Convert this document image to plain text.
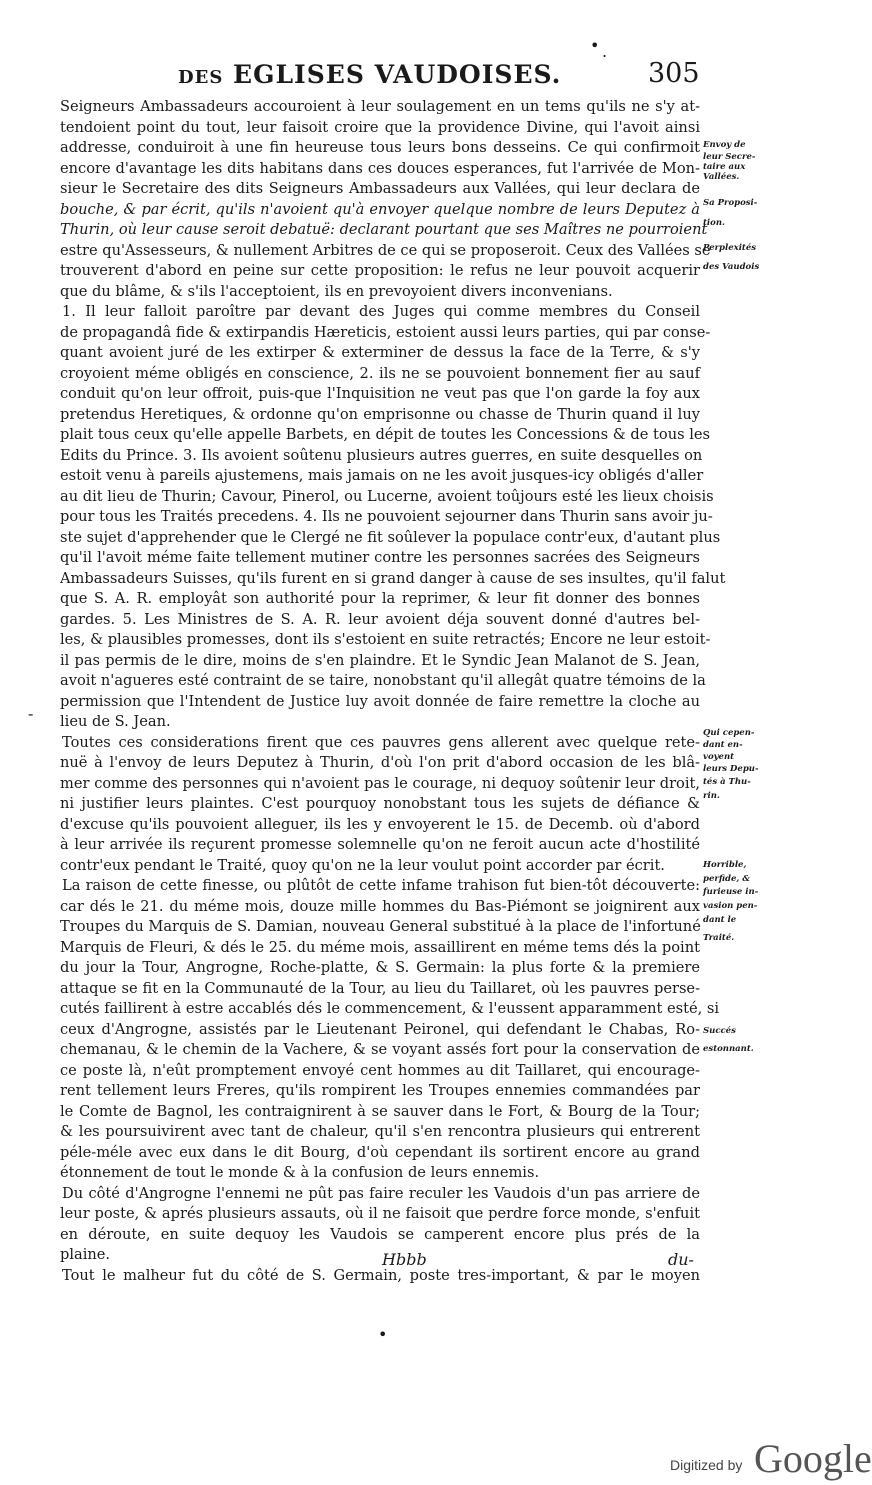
• .
-
•
DES EGLISES VAUDOISES.	305
Seigneurs Ambassadeurs accouroient à leur soulagement en un tems qu'ils ne s'y at-
tendoient point du tout, leur faisoit croire que la providence Divine, qui l'avoit ainsi
addresse, conduiroit à une fin heureuse tous leurs bons desseins. Ce qui confirmoit
encore d'avantage les dits habitans dans ces douces esperances, fut l'arrivée de Mon-
sieur le Secretaire des dits Seigneurs Ambassadeurs aux Vallées, qui leur declara de
bouche, & par écrit, qu'ils n'avoient qu'à envoyer quelque nombre de leurs Deputez à
Thurin, où leur cause seroit debatuë: declarant pourtant que ses Maîtres ne pourroient
estre qu'Assesseurs, & nullement Arbitres de ce qui se proposeroit. Ceux des Vallées se
trouverent d'abord en peine sur cette proposition: le refus ne leur pouvoit acquerir
que du blâme, & s'ils l'acceptoient, ils en prevoyoient divers inconvenians.
1. Il leur falloit paroître par devant des Juges qui comme membres du Conseil
de propagandâ fide & extirpandis Hæreticis, estoient aussi leurs parties, qui par conse-
quant avoient juré de les extirper & exterminer de dessus la face de la Terre, & s'y
croyoient méme obligés en conscience, 2. ils ne se pouvoient bonnement fier au sauf
conduit qu'on leur offroit, puis-que l'Inquisition ne veut pas que l'on garde la foy aux
pretendus Heretiques, & ordonne qu'on emprisonne ou chasse de Thurin quand il luy
plait tous ceux qu'elle appelle Barbets, en dépit de toutes les Concessions & de tous les
Edits du Prince. 3. Ils avoient soûtenu plusieurs autres guerres, en suite desquelles on
estoit venu à pareils ajustemens, mais jamais on ne les avoit jusques-icy obligés d'aller
au dit lieu de Thurin; Cavour, Pinerol, ou Lucerne, avoient toûjours esté les lieux choisis
pour tous les Traités precedens. 4. Ils ne pouvoient sejourner dans Thurin sans avoir ju-
ste sujet d'apprehender que le Clergé ne fit soûlever la populace contr'eux, d'autant plus
qu'il l'avoit méme faite tellement mutiner contre les personnes sacrées des Seigneurs
Ambassadeurs Suisses, qu'ils furent en si grand danger à cause de ses insultes, qu'il falut
que S. A. R. employât son authorité pour la reprimer, & leur fit donner des bonnes
gardes. 5. Les Ministres de S. A. R. leur avoient déja souvent donné d'autres bel-
les, & plausibles promesses, dont ils s'estoient en suite retractés; Encore ne leur estoit-
il pas permis de le dire, moins de s'en plaindre. Et le Syndic Jean Malanot de S. Jean,
avoit n'agueres esté contraint de se taire, nonobstant qu'il allegât quatre témoins de la
permission que l'Intendent de Justice luy avoit donnée de faire remettre la cloche au
lieu de S. Jean.
Toutes ces considerations firent que ces pauvres gens allerent avec quelque rete-
nuë à l'envoy de leurs Deputez à Thurin, d'où l'on prit d'abord occasion de les blâ-
mer comme des personnes qui n'avoient pas le courage, ni dequoy soûtenir leur droit,
ni justifier leurs plaintes. C'est pourquoy nonobstant tous les sujets de défiance &
d'excuse qu'ils pouvoient alleguer, ils les y envoyerent le 15. de Decemb. où d'abord
à leur arrivée ils reçurent promesse solemnelle qu'on ne feroit aucun acte d'hostilité
contr'eux pendant le Traité, quoy qu'on ne la leur voulut point accorder par écrit.
La raison de cette finesse, ou plûtôt de cette infame trahison fut bien-tôt découverte:
car dés le 21. du méme mois, douze mille hommes du Bas-Piémont se joignirent aux
Troupes du Marquis de S. Damian, nouveau General substitué à la place de l'infortuné
Marquis de Fleuri, & dés le 25. du méme mois, assaillirent en méme tems dés la point
du jour la Tour, Angrogne, Roche-platte, & S. Germain: la plus forte & la premiere
attaque se fit en la Communauté de la Tour, au lieu du Taillaret, où les pauvres perse-
cutés faillirent à estre accablés dés le commencement, & l'eussent apparamment esté, si
ceux d'Angrogne, assistés par le Lieutenant Peironel, qui defendant le Chabas, Ro-
chemanau, & le chemin de la Vachere, & se voyant assés fort pour la conservation de
ce poste là, n'eût promptement envoyé cent hommes au dit Taillaret, qui encourage-
rent tellement leurs Freres, qu'ils rompirent les Troupes ennemies commandées par
le Comte de Bagnol, les contraignirent à se sauver dans le Fort, & Bourg de la Tour;
& les poursuivirent avec tant de chaleur, qu'il s'en rencontra plusieurs qui entrerent
péle-méle avec eux dans le dit Bourg, d'où cependant ils sortirent encore au grand
étonnement de tout le monde & à la confusion de leurs ennemis.
Du côté d'Angrogne l'ennemi ne pût pas faire reculer les Vaudois d'un pas arriere de
leur poste, & aprés plusieurs assauts, où il ne faisoit que perdre force monde, s'enfuit
en déroute, en suite dequoy les Vaudois se camperent encore plus prés de la
plaine.
Tout le malheur fut du côté de S. Germain, poste tres-important, & par le moyen
Envoy de
leur Secre-
taire aux
Vallées.
Sa Proposi-
tion.
Perplexités
des Vaudois
Qui cepen-
dant en-
voyent
leurs Depu-
tés à Thu-
rin.
Horrible,
perfide, &
furieuse in-
vasion pen-
dant le
Traité.
Succés
estonnant.
Hbbb	du-
Digitized by Google
